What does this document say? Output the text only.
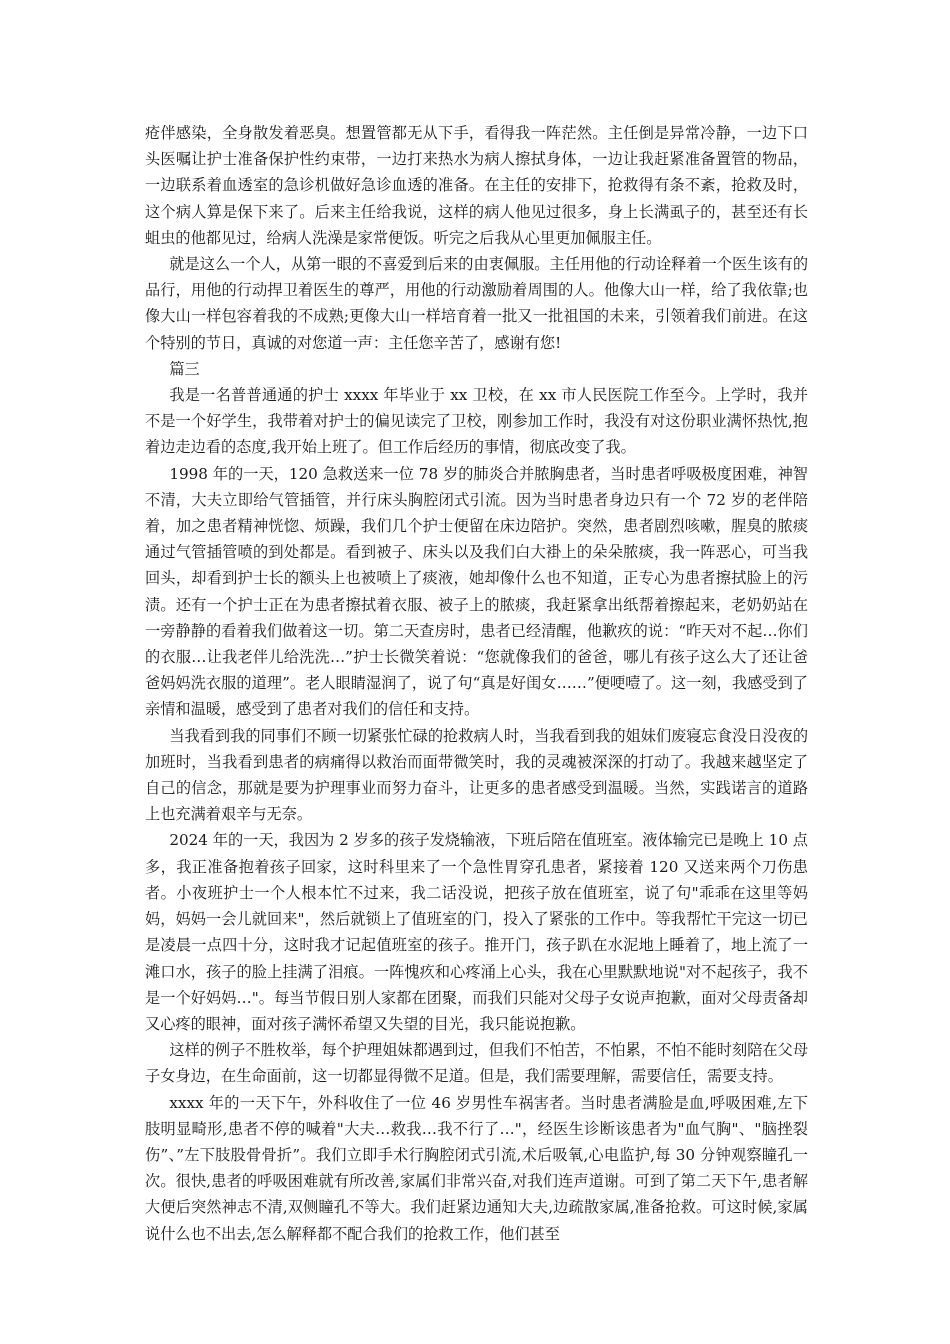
疮伴感染，全身散发着恶臭。想置管都无从下手，看得我一阵茫然。主任倒是异常冷静，一边下口头医嘱让护士准备保护性约束带，一边打来热水为病人擦拭身体，一边让我赶紧准备置管的物品，一边联系着血透室的急诊机做好急诊血透的准备。在主任的安排下，抢救得有条不紊，抢救及时，这个病人算是保下来了。后来主任给我说，这样的病人他见过很多，身上长满虱子的，甚至还有长蛆虫的他都见过，给病人洗澡是家常便饭。听完之后我从心里更加佩服主任。

就是这么一个人，从第一眼的不喜爱到后来的由衷佩服。主任用他的行动诠释着一个医生该有的品行，用他的行动捍卫着医生的尊严，用他的行动激励着周围的人。他像大山一样，给了我依靠;也像大山一样包容着我的不成熟;更像大山一样培育着一批又一批祖国的未来，引领着我们前进。在这个特别的节日，真诚的对您道一声：主任您辛苦了，感谢有您!

篇三

我是一名普普通通的护士 xxxx 年毕业于 xx 卫校，在 xx 市人民医院工作至今。上学时，我并不是一个好学生，我带着对护士的偏见读完了卫校，刚参加工作时，我没有对这份职业满怀热忱,抱着边走边看的态度,我开始上班了。但工作后经历的事情，彻底改变了我。

1998 年的一天，120 急救送来一位 78 岁的肺炎合并脓胸患者，当时患者呼吸极度困难，神智不清，大夫立即给气管插管，并行床头胸腔闭式引流。因为当时患者身边只有一个 72 岁的老伴陪着，加之患者精神恍惚、烦躁，我们几个护士便留在床边陪护。突然，患者剧烈咳嗽，腥臭的脓痰通过气管插管喷的到处都是。看到被子、床头以及我们白大褂上的朵朵脓痰，我一阵恶心，可当我回头，却看到护士长的额头上也被喷上了痰液，她却像什么也不知道，正专心为患者擦拭脸上的污渍。还有一个护士正在为患者擦拭着衣服、被子上的脓痰，我赶紧拿出纸帮着擦起来，老奶奶站在一旁静静的看着我们做着这一切。第二天查房时，患者已经清醒，他歉疚的说：“昨天对不起…你们的衣服…让我老伴儿给洗洗…”护士长微笑着说：“您就像我们的爸爸，哪儿有孩子这么大了还让爸爸妈妈洗衣服的道理”。老人眼睛湿润了，说了句“真是好闺女……”便哽噎了。这一刻，我感受到了亲情和温暖，感受到了患者对我们的信任和支持。

当我看到我的同事们不顾一切紧张忙碌的抢救病人时，当我看到我的姐妹们废寝忘食没日没夜的加班时，当我看到患者的病痛得以救治而面带微笑时，我的灵魂被深深的打动了。我越来越坚定了自己的信念，那就是要为护理事业而努力奋斗，让更多的患者感受到温暖。当然，实践诺言的道路上也充满着艰辛与无奈。

2024 年的一天，我因为 2 岁多的孩子发烧输液，下班后陪在值班室。液体输完已是晚上 10 点多，我正准备抱着孩子回家，这时科里来了一个急性胃穿孔患者，紧接着 120 又送来两个刀伤患者。小夜班护士一个人根本忙不过来，我二话没说，把孩子放在值班室，说了句"乖乖在这里等妈妈，妈妈一会儿就回来"，然后就锁上了值班室的门，投入了紧张的工作中。等我帮忙干完这一切已是凌晨一点四十分，这时我才记起值班室的孩子。推开门，孩子趴在水泥地上睡着了，地上流了一滩口水，孩子的脸上挂满了泪痕。一阵愧疚和心疼涌上心头，我在心里默默地说"对不起孩子，我不是一个好妈妈…"。每当节假日别人家都在团聚，而我们只能对父母子女说声抱歉，面对父母责备却又心疼的眼神，面对孩子满怀希望又失望的目光，我只能说抱歉。

这样的例子不胜枚举，每个护理姐妹都遇到过，但我们不怕苦，不怕累，不怕不能时刻陪在父母子女身边，在生命面前，这一切都显得微不足道。但是，我们需要理解，需要信任，需要支持。

xxxx 年的一天下午，外科收住了一位 46 岁男性车祸害者。当时患者满脸是血,呼吸困难,左下肢明显畸形,患者不停的喊着"大夫…救我…我不行了…"，经医生诊断该患者为"血气胸"、"脑挫裂伤”、”左下肢股骨骨折”。我们立即手术行胸腔闭式引流,术后吸氧,心电监护,每 30 分钟观察瞳孔一次。很快,患者的呼吸困难就有所改善,家属们非常兴奋,对我们连声道谢。可到了第二天下午,患者解大便后突然神志不清,双侧瞳孔不等大。我们赶紧边通知大夫,边疏散家属,准备抢救。可这时候,家属说什么也不出去,怎么解释都不配合我们的抢救工作，他们甚至
